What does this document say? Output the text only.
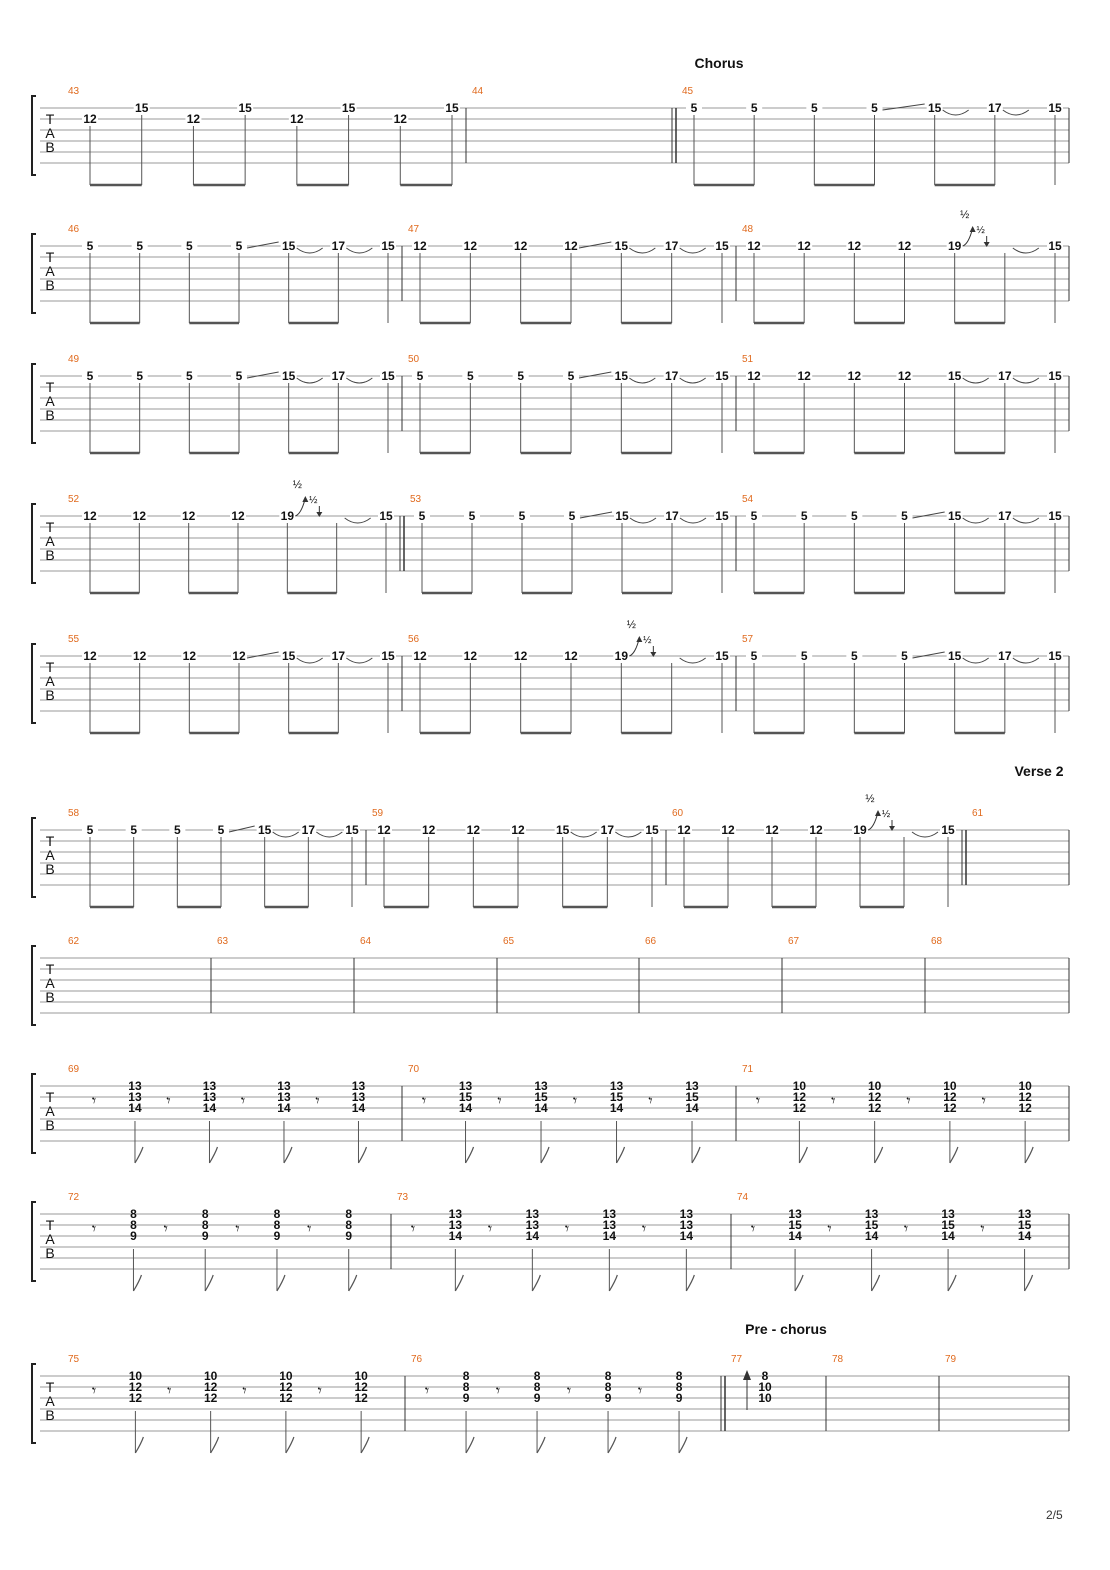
T
A
B
43
12
15
12
15
12
15
12
15
44	45
5	5	5	5	15	17	15
T
A
B
46
5	5	5	5	15	17	15
47
12	12	12	12	15	17	15
48
12	12	12	12	19
½
½
15
T
A
B
49
5	5	5	5	15	17	15
50
5	5	5	5	15	17	15
51
12	12	12	12	15	17	15
T
A
B
52
12	12	12	12	19
½
½
15
53
5	5	5	5	15	17	15
54
5	5	5	5	15	17	15
T
A
B
55
12	12	12	12	15	17	15
56
12	12	12	12	19
½
½
15
57
5	5	5	5	15	17	15
T
A
B
58
5	5	5	5	15	17	15
59
12	12	12	12	15	17	15
60
12	12	12	12	19
½
½
15
61
T
A
B
62	63	64	65	66	67	68
T
A
B
69
𝄾
13
13
14 𝄾
13
13
14 𝄾
13
13
14 𝄾
13
13
14
70
𝄾
13
15
14 𝄾
13
15
14 𝄾
13
15
14 𝄾
13
15
14
71
𝄾
10
12
12 𝄾
10
12
12 𝄾
10
12
12 𝄾
10
12
12
T
A
B
72
𝄾
8
8
9 𝄾
8
8
9 𝄾
8
8
9 𝄾
8
8
9
73
𝄾
13
13
14 𝄾
13
13
14 𝄾
13
13
14 𝄾
13
13
14
74
𝄾
13
15
14 𝄾
13
15
14 𝄾
13
15
14 𝄾
13
15
14
T
A
B
75
𝄾
10
12
12 𝄾
10
12
12 𝄾
10
12
12 𝄾
10
12
12
76
𝄾
8
8
9 𝄾
8
8
9 𝄾
8
8
9 𝄾
8
8
9
77
8
10
10
78	79
Chorus
Verse 2
Pre - chorus
2/5
